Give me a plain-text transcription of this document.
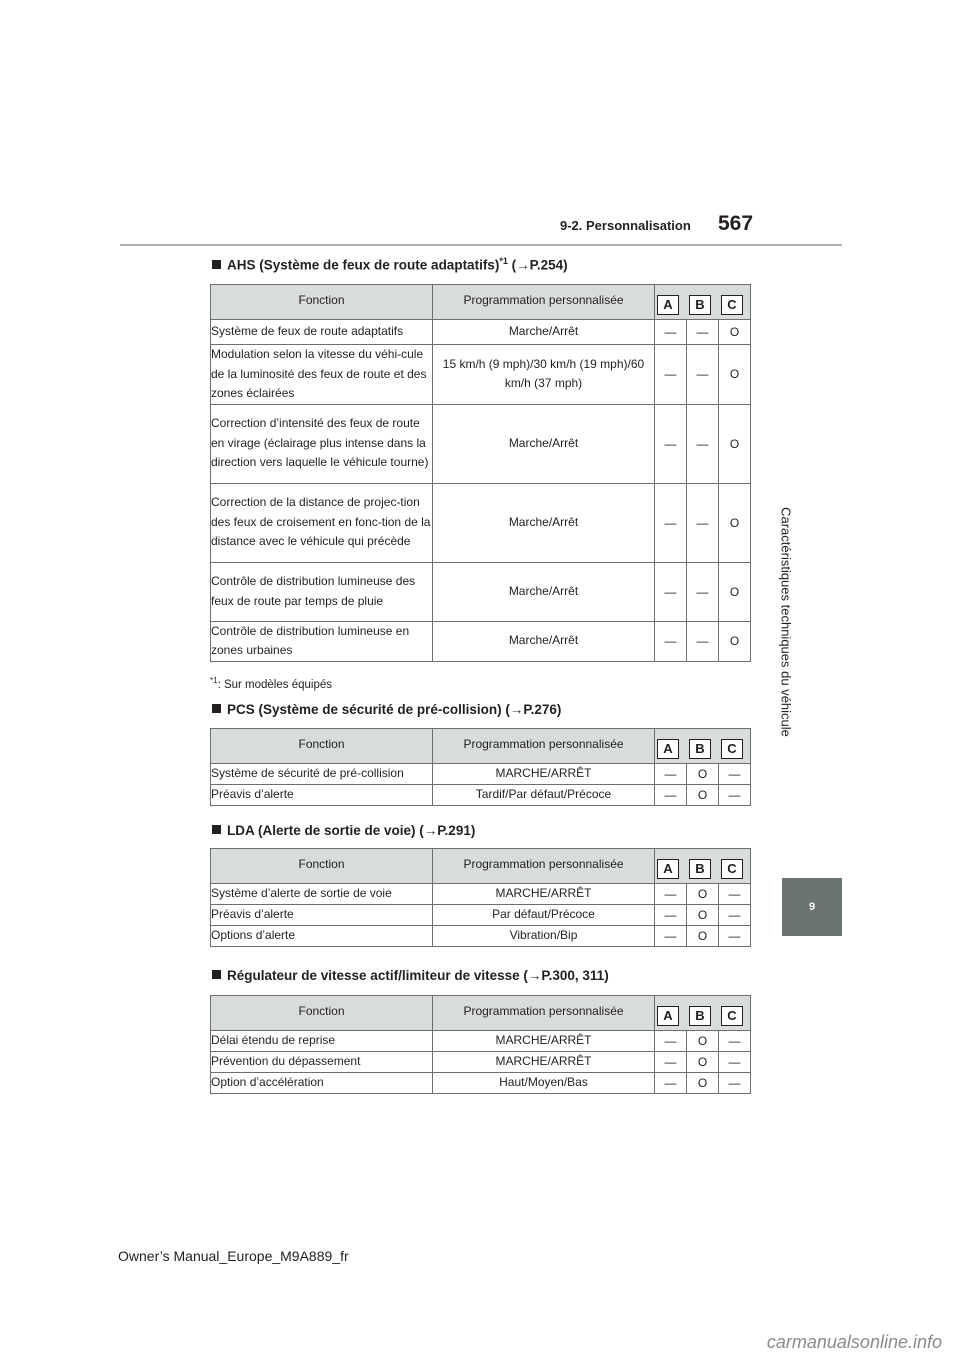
9-2. Personnalisation 567
Caractéristiques techniques du véhicule
9
AHS (Système de feux de route adaptatifs)$^{*1}$ (→P.254)
Fonction	Programmation personnalisée	A B C		

Système de feux de route adaptatifs	Marche/Arrêt	—	—	O
Modulation selon la vitesse du véhi-cule de la luminosité des feux de route et des zones éclairées	15 km/h (9 mph)/30 km/h (19 mph)/60 km/h (37 mph)	—	—	O
Correction d’intensité des feux de route en virage (éclairage plus intense dans la direction vers laquelle le véhicule tourne)	Marche/Arrêt	—	—	O
Correction de la distance de projec-tion des feux de croisement en fonc-tion de la distance avec le véhicule qui précède	Marche/Arrêt	—	—	O
Contrôle de distribution lumineuse des feux de route par temps de pluie	Marche/Arrêt	—	—	O
Contrôle de distribution lumineuse en zones urbaines	Marche/Arrêt	—	—	O
$^{*1}$: Sur modèles équipés
PCS (Système de sécurité de pré-collision) (→P.276)
Fonction	Programmation personnalisée	A B C		

Système de sécurité de pré-collision	MARCHE/ARRÊT	—	O	—
Préavis d’alerte	Tardif/Par défaut/Précoce	—	O	—
LDA (Alerte de sortie de voie) (→P.291)
Fonction	Programmation personnalisée	A B C		

Système d’alerte de sortie de voie	MARCHE/ARRÊT	—	O	—
Préavis d’alerte	Par défaut/Précoce	—	O	—
Options d’alerte	Vibration/Bip	—	O	—
Régulateur de vitesse actif/limiteur de vitesse (→P.300, 311)
Fonction	Programmation personnalisée	A B C		

Délai étendu de reprise	MARCHE/ARRÊT	—	O	—
Prévention du dépassement	MARCHE/ARRÊT	—	O	—
Option d’accélération	Haut/Moyen/Bas	—	O	—
Owner’s Manual_Europe_M9A889_fr
carmanualsonline.info
